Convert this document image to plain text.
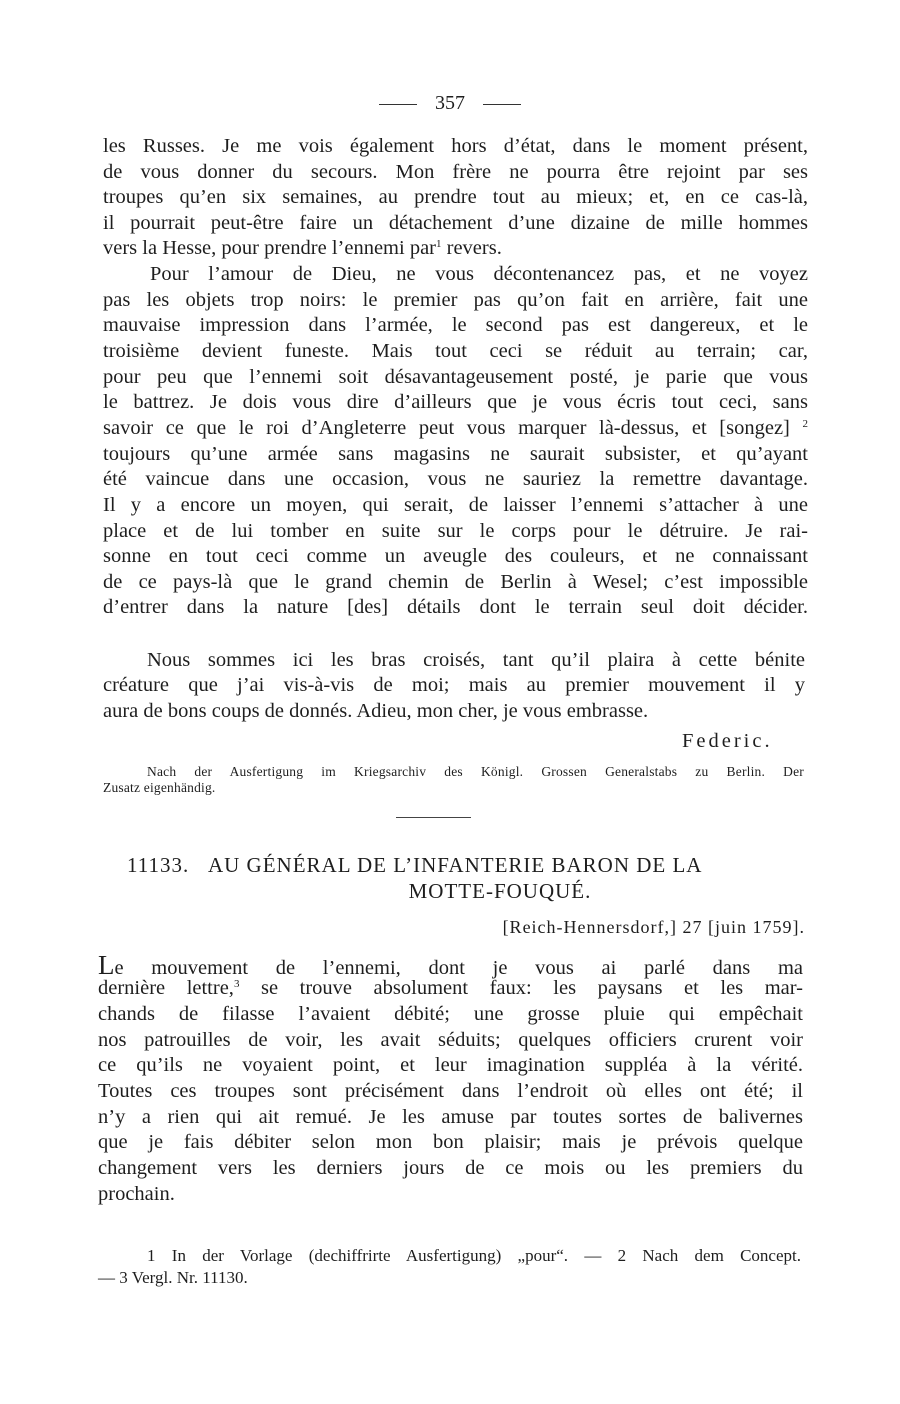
357
les Russes. Je me vois également hors d’état, dans le moment présent,
de vous donner du secours. Mon frère ne pourra être rejoint par ses
troupes qu’en six semaines, au prendre tout au mieux; et, en ce cas-là,
il pourrait peut-être faire un détachement d’une dizaine de mille hommes
vers la Hesse, pour prendre l’ennemi par$^1$ revers.
Pour l’amour de Dieu, ne vous décontenancez pas, et ne voyez
pas les objets trop noirs: le premier pas qu’on fait en arrière, fait une
mauvaise impression dans l’armée, le second pas est dangereux, et le
troisième devient funeste. Mais tout ceci se réduit au terrain; car,
pour peu que l’ennemi soit désavantageusement posté, je parie que vous
le battrez. Je dois vous dire d’ailleurs que je vous écris tout ceci, sans
savoir ce que le roi d’Angleterre peut vous marquer là-dessus, et [songez] $^2$
toujours qu’une armée sans magasins ne saurait subsister, et qu’ayant
été vaincue dans une occasion, vous ne sauriez la remettre davantage.
Il y a encore un moyen, qui serait, de laisser l’ennemi s’attacher à une
place et de lui tomber en suite sur le corps pour le détruire. Je rai-
sonne en tout ceci comme un aveugle des couleurs, et ne connaissant
de ce pays-là que le grand chemin de Berlin à Wesel; c’est impossible
d’entrer dans la nature [des] détails dont le terrain seul doit décider.
Nous sommes ici les bras croisés, tant qu’il plaira à cette bénite
créature que j’ai vis-à-vis de moi; mais au premier mouvement il y
aura de bons coups de donnés. Adieu, mon cher, je vous embrasse.
Federic.
Nach der Ausfertigung im Kriegsarchiv des Königl. Grossen Generalstabs zu Berlin. Der
Zusatz eigenhändig.
11133. AU GÉNÉRAL DE L’INFANTERIE BARON DE LA
MOTTE-FOUQUÉ.
[Reich-Hennersdorf,] 27 [juin 1759].
Le mouvement de l’ennemi, dont je vous ai parlé dans ma
dernière lettre,$^3$ se trouve absolument faux: les paysans et les mar-
chands de filasse l’avaient débité; une grosse pluie qui empêchait
nos patrouilles de voir, les avait séduits; quelques officiers crurent voir
ce qu’ils ne voyaient point, et leur imagination suppléa à la vérité.
Toutes ces troupes sont précisément dans l’endroit où elles ont été; il
n’y a rien qui ait remué. Je les amuse par toutes sortes de balivernes
que je fais débiter selon mon bon plaisir; mais je prévois quelque
changement vers les derniers jours de ce mois ou les premiers du
prochain.
1 In der Vorlage (dechiffrirte Ausfertigung) „pour“. — 2 Nach dem Concept.
— 3 Vergl. Nr. 11130.
